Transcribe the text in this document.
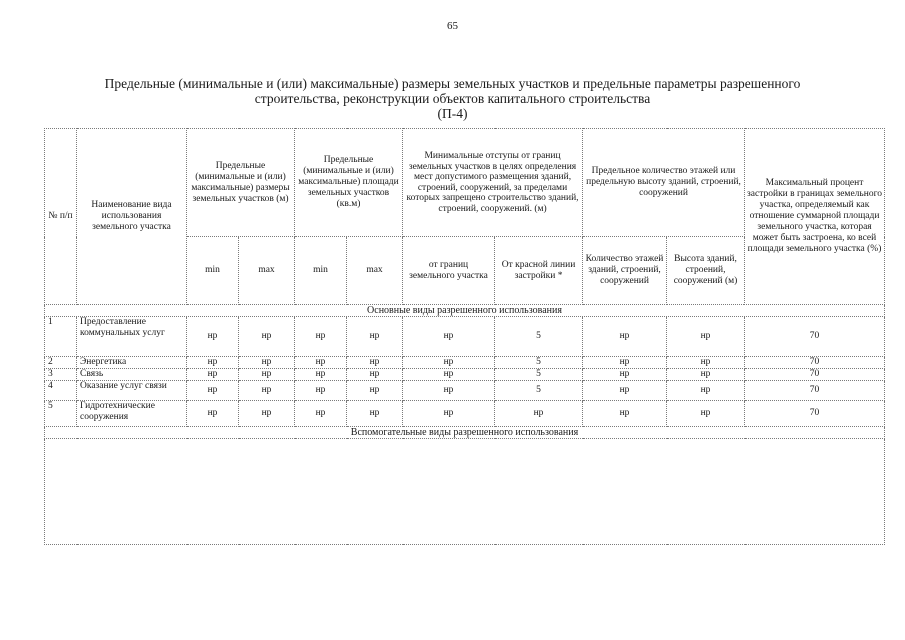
65
Предельные (минимальные и (или) максимальные) размеры земельных участков и предельные параметры разрешенного
строительства, реконструкции объектов капитального строительства
(П-4)
№ п/п	Наименование вида использования земельного участка	Предельные (минимальные и (или) максимальные) размеры земельных участков (м)		Предельные (минимальные и (или) максимальные) площади земельных участков (кв.м)		Минимальные отступы от границ земельных участков в целях определения мест допустимого размещения зданий, строений, сооружений, за пределами которых запрещено строительство зданий, строений, сооружений. (м)		Предельное количество этажей или предельную высоту зданий, строений, сооружений		Максимальный процент застройки в границах земельного участка, определяемый как отношение суммарной площади земельного участка, которая может быть застроена, ко всей площади земельного участка (%)
		min	max	min	max	от границ земельного участка	От красной линии застройки *	Количество этажей зданий, строений, сооружений	Высота зданий, строений, сооружений (м)	
Основные виды разрешенного использования										
1	Предоставление коммунальных услуг	нр	нр	нр	нр	нр	5	нр	нр	70
2	Энергетика	нр	нр	нр	нр	нр	5	нр	нр	70
3	Связь	нр	нр	нр	нр	нр	5	нр	нр	70
4	Оказание услуг связи	нр	нр	нр	нр	нр	5	нр	нр	70
5	Гидротехнические сооружения	нр	нр	нр	нр	нр	нр	нр	нр	70
Вспомогательные виды разрешенного использования										
